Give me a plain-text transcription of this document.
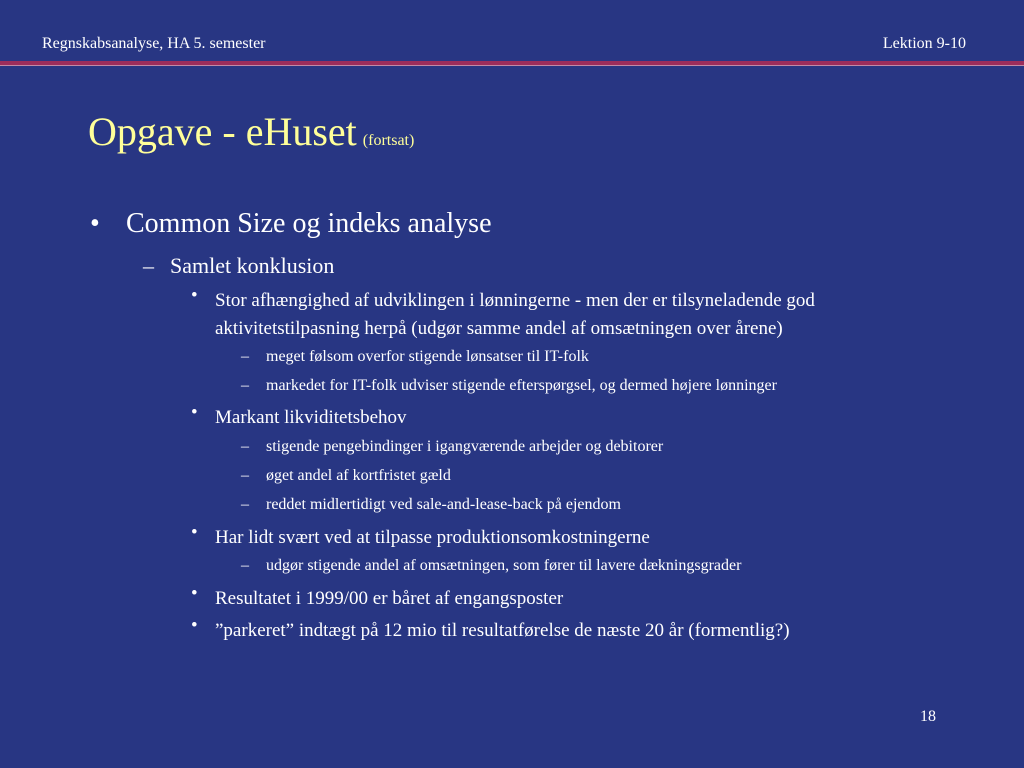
Regnskabsanalyse, HA 5. semester	Lektion 9-10
Opgave - eHuset (fortsat)
• Common Size og indeks analyse
– Samlet konklusion
• Stor afhængighed af udviklingen i lønningerne - men der er tilsyneladende god
aktivitetstilpasning herpå (udgør samme andel af omsætningen over årene)
– meget følsom overfor stigende lønsatser til IT-folk
– markedet for IT-folk udviser stigende efterspørgsel, og dermed højere lønninger
• Markant likviditetsbehov
– stigende pengebindinger i igangværende arbejder og debitorer
– øget andel af kortfristet gæld
– reddet midlertidigt ved sale-and-lease-back på ejendom
• Har lidt svært ved at tilpasse produktionsomkostningerne
– udgør stigende andel af omsætningen, som fører til lavere dækningsgrader
• Resultatet i 1999/00 er båret af engangsposter
• ”parkeret” indtægt på 12 mio til resultatførelse de næste 20 år (formentlig?)
18
